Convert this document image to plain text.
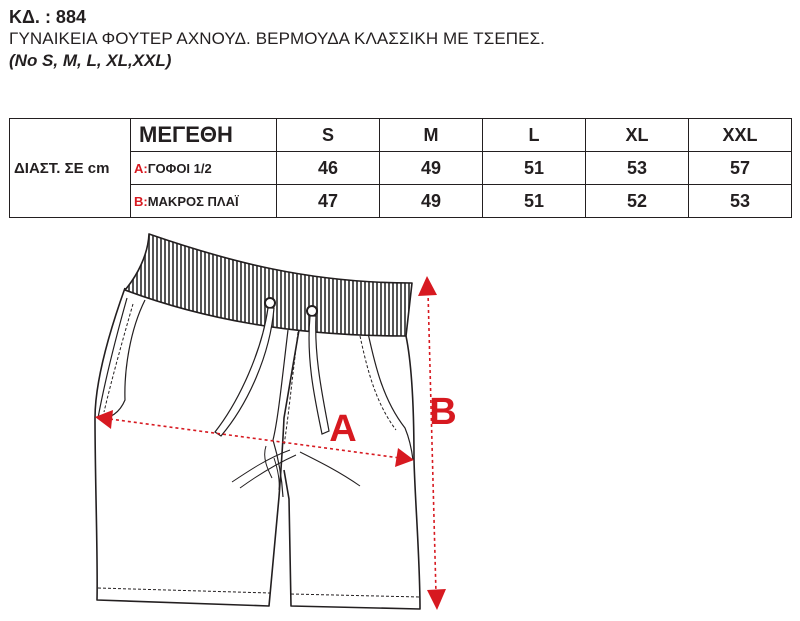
ΚΔ. : 884
ΓΥΝΑΙΚΕΙΑ ΦΟΥΤΕΡ ΑΧΝΟΥΔ. ΒΕΡΜΟΥΔΑ ΚΛΑΣΣΙΚΗ ΜΕ ΤΣΕΠΕΣ.
(No S, M, L, XL,XXL)
ΔΙΑΣΤ. ΣΕ cm	ΜΕΓΕΘΗ	S	M	L	XL	XXL
	A:ΓΟΦΟΙ 1/2	46	49	51	53	57
	B:ΜΑΚΡΟΣ ΠΛΑΪ	47	49	51	52	53
A B
